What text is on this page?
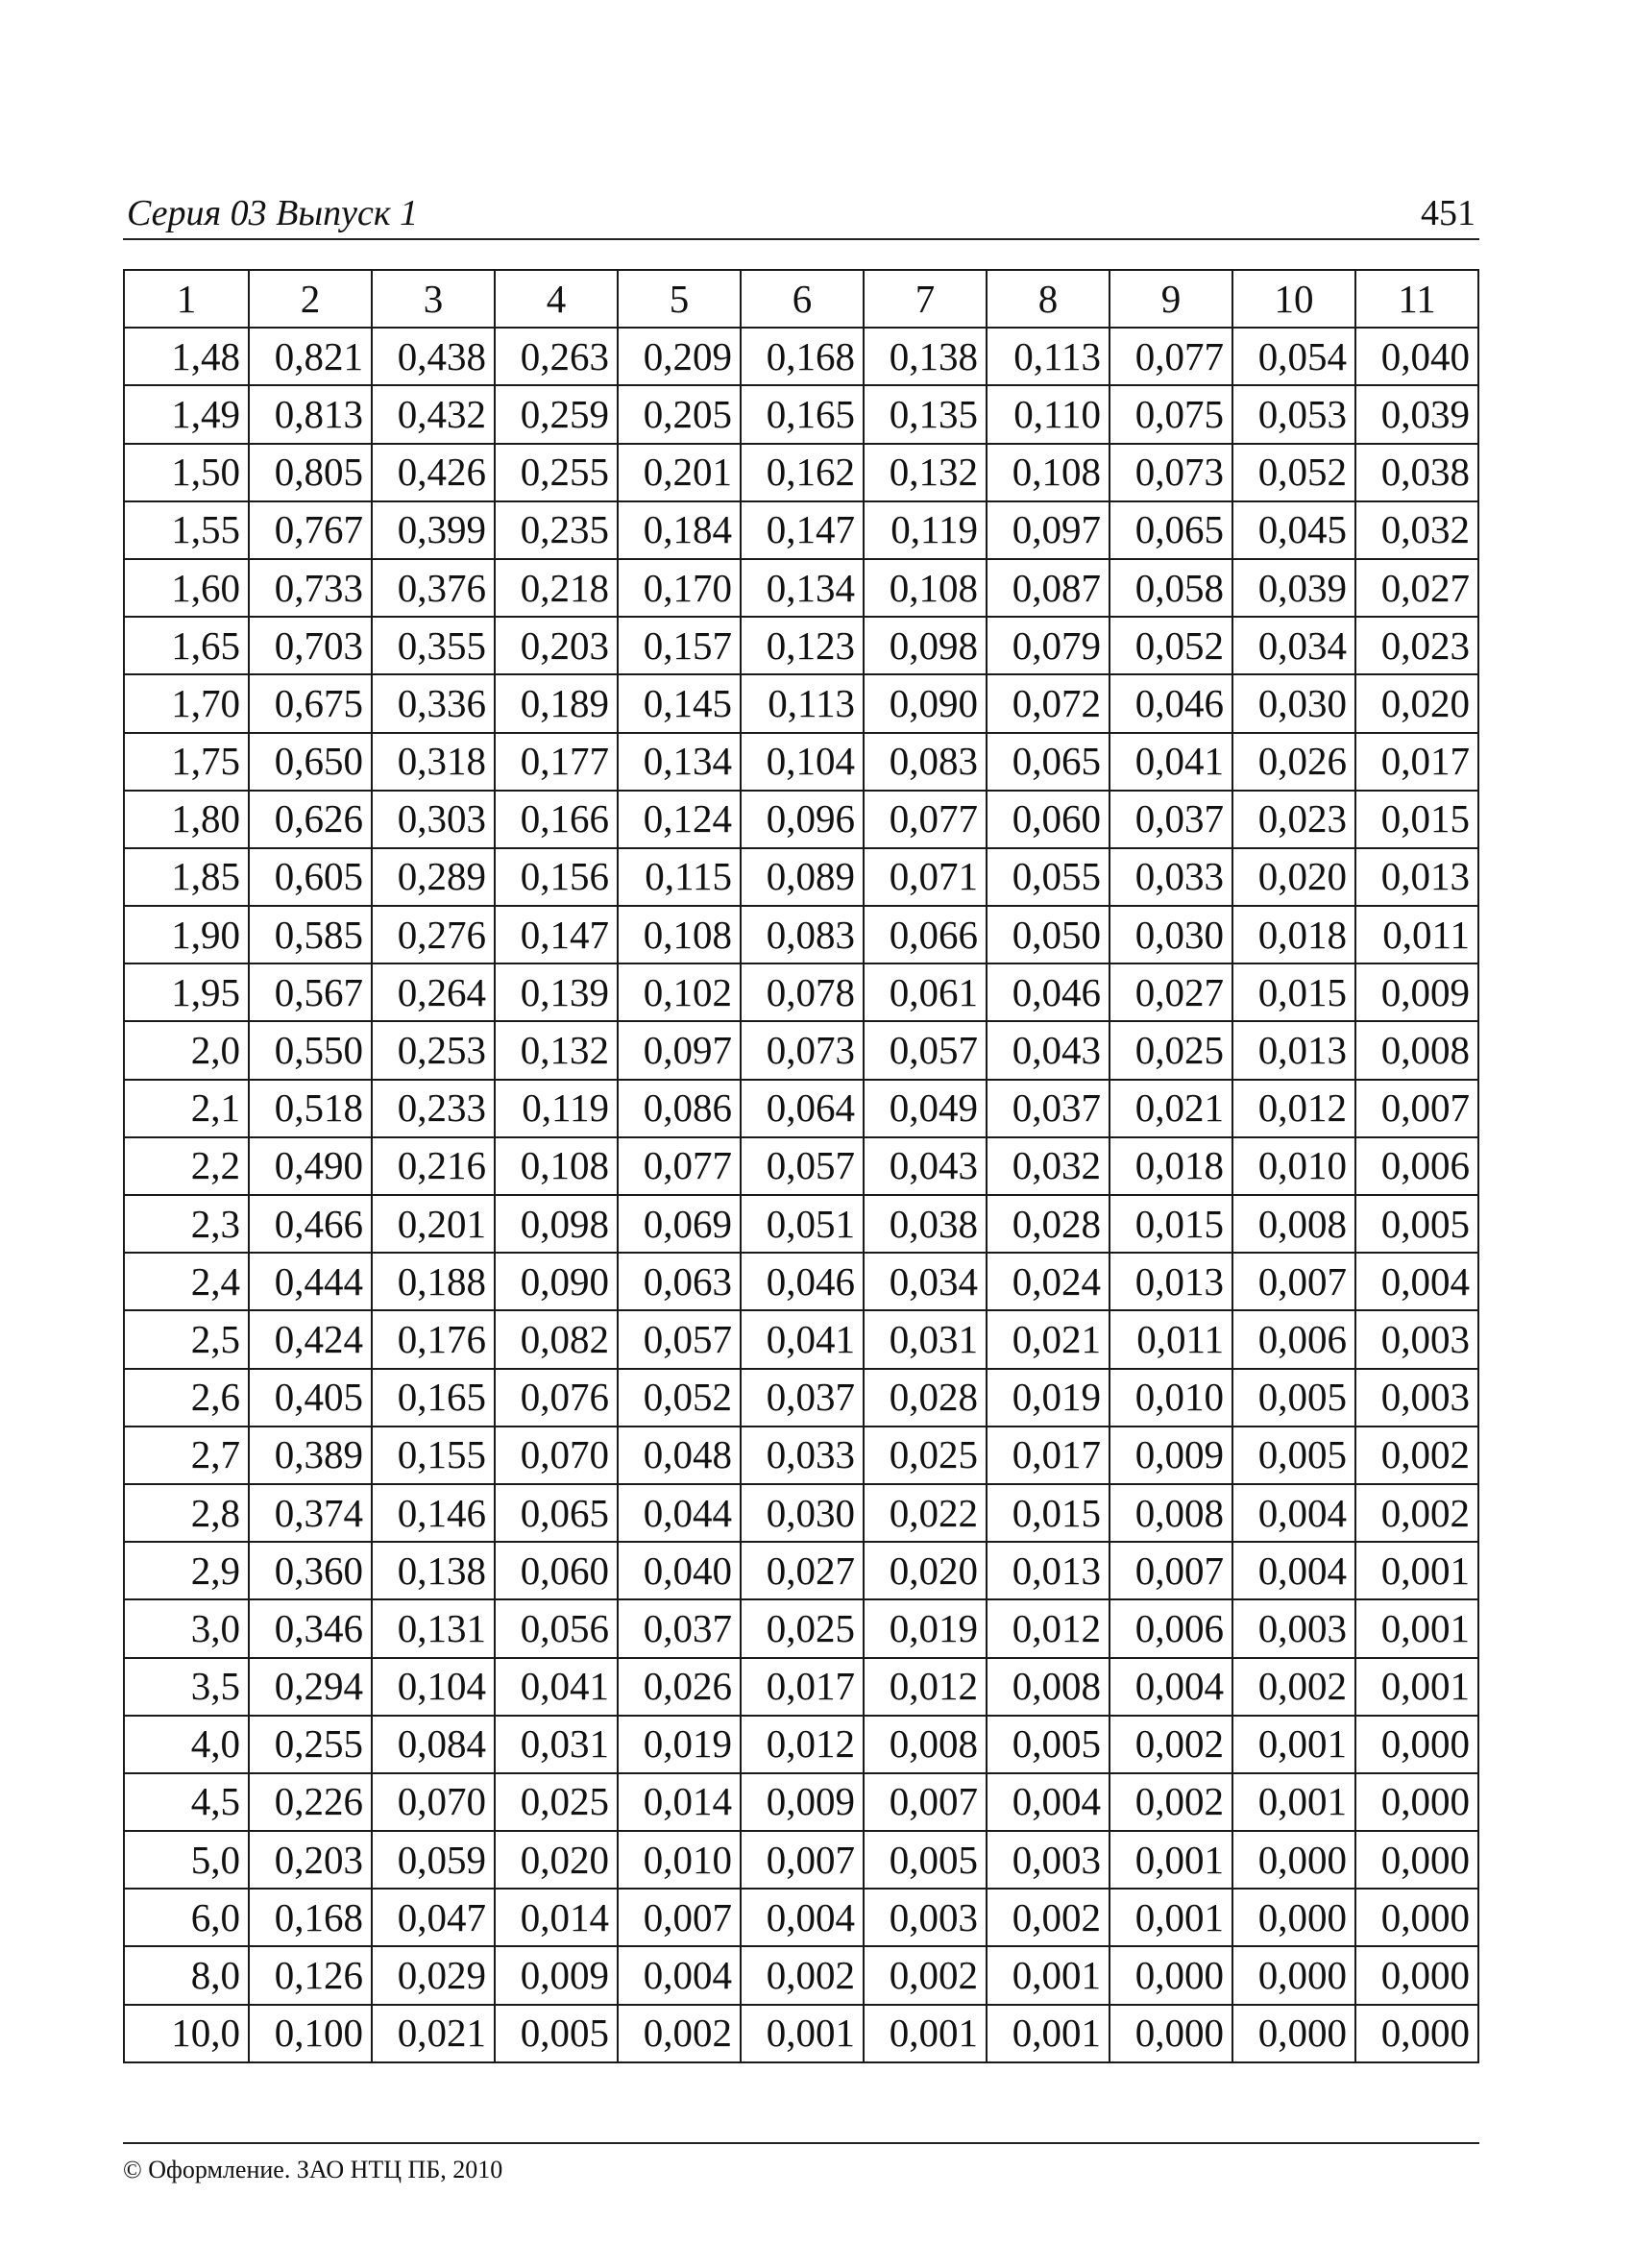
Серия 03 Выпуск 1	451
1	2	3	4	5	6	7	8	9	10	11
1,48	0,821	0,438	0,263	0,209	0,168	0,138	0,113	0,077	0,054	0,040
1,49	0,813	0,432	0,259	0,205	0,165	0,135	0,110	0,075	0,053	0,039
1,50	0,805	0,426	0,255	0,201	0,162	0,132	0,108	0,073	0,052	0,038
1,55	0,767	0,399	0,235	0,184	0,147	0,119	0,097	0,065	0,045	0,032
1,60	0,733	0,376	0,218	0,170	0,134	0,108	0,087	0,058	0,039	0,027
1,65	0,703	0,355	0,203	0,157	0,123	0,098	0,079	0,052	0,034	0,023
1,70	0,675	0,336	0,189	0,145	0,113	0,090	0,072	0,046	0,030	0,020
1,75	0,650	0,318	0,177	0,134	0,104	0,083	0,065	0,041	0,026	0,017
1,80	0,626	0,303	0,166	0,124	0,096	0,077	0,060	0,037	0,023	0,015
1,85	0,605	0,289	0,156	0,115	0,089	0,071	0,055	0,033	0,020	0,013
1,90	0,585	0,276	0,147	0,108	0,083	0,066	0,050	0,030	0,018	0,011
1,95	0,567	0,264	0,139	0,102	0,078	0,061	0,046	0,027	0,015	0,009
2,0	0,550	0,253	0,132	0,097	0,073	0,057	0,043	0,025	0,013	0,008
2,1	0,518	0,233	0,119	0,086	0,064	0,049	0,037	0,021	0,012	0,007
2,2	0,490	0,216	0,108	0,077	0,057	0,043	0,032	0,018	0,010	0,006
2,3	0,466	0,201	0,098	0,069	0,051	0,038	0,028	0,015	0,008	0,005
2,4	0,444	0,188	0,090	0,063	0,046	0,034	0,024	0,013	0,007	0,004
2,5	0,424	0,176	0,082	0,057	0,041	0,031	0,021	0,011	0,006	0,003
2,6	0,405	0,165	0,076	0,052	0,037	0,028	0,019	0,010	0,005	0,003
2,7	0,389	0,155	0,070	0,048	0,033	0,025	0,017	0,009	0,005	0,002
2,8	0,374	0,146	0,065	0,044	0,030	0,022	0,015	0,008	0,004	0,002
2,9	0,360	0,138	0,060	0,040	0,027	0,020	0,013	0,007	0,004	0,001
3,0	0,346	0,131	0,056	0,037	0,025	0,019	0,012	0,006	0,003	0,001
3,5	0,294	0,104	0,041	0,026	0,017	0,012	0,008	0,004	0,002	0,001
4,0	0,255	0,084	0,031	0,019	0,012	0,008	0,005	0,002	0,001	0,000
4,5	0,226	0,070	0,025	0,014	0,009	0,007	0,004	0,002	0,001	0,000
5,0	0,203	0,059	0,020	0,010	0,007	0,005	0,003	0,001	0,000	0,000
6,0	0,168	0,047	0,014	0,007	0,004	0,003	0,002	0,001	0,000	0,000
8,0	0,126	0,029	0,009	0,004	0,002	0,002	0,001	0,000	0,000	0,000
10,0	0,100	0,021	0,005	0,002	0,001	0,001	0,001	0,000	0,000	0,000
© Оформление. ЗАО НТЦ ПБ, 2010
